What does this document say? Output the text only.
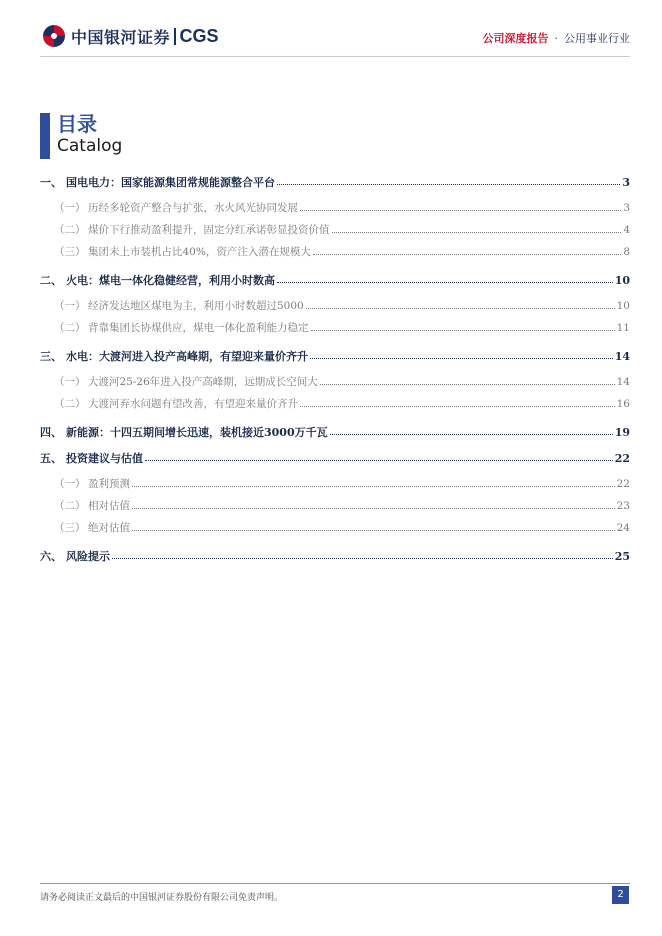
中国银河证券 CGS	公司深度报告 · 公用事业行业
目录
Catalog
一、 国电电力：国家能源集团常规能源整合平台	3
（一） 历经多轮资产整合与扩张，水火风光协同发展	3
（二） 煤价下行推动盈利提升，固定分红承诺彰显投资价值	4
（三） 集团未上市装机占比40%，资产注入潜在规模大	8
二、 火电：煤电一体化稳健经营，利用小时数高	10
（一） 经济发达地区煤电为主，利用小时数超过5000	10
（二） 背靠集团长协煤供应，煤电一体化盈利能力稳定	11
三、 水电：大渡河进入投产高峰期，有望迎来量价齐升	14
（一） 大渡河25-26年进入投产高峰期，远期成长空间大	14
（二） 大渡河弃水问题有望改善，有望迎来量价齐升	16
四、 新能源：十四五期间增长迅速，装机接近3000万千瓦	19
五、 投资建议与估值	22
（一） 盈利预测	22
（二） 相对估值	23
（三） 绝对估值	24
六、 风险提示	25
请务必阅读正文最后的中国银河证券股份有限公司免责声明。	2
